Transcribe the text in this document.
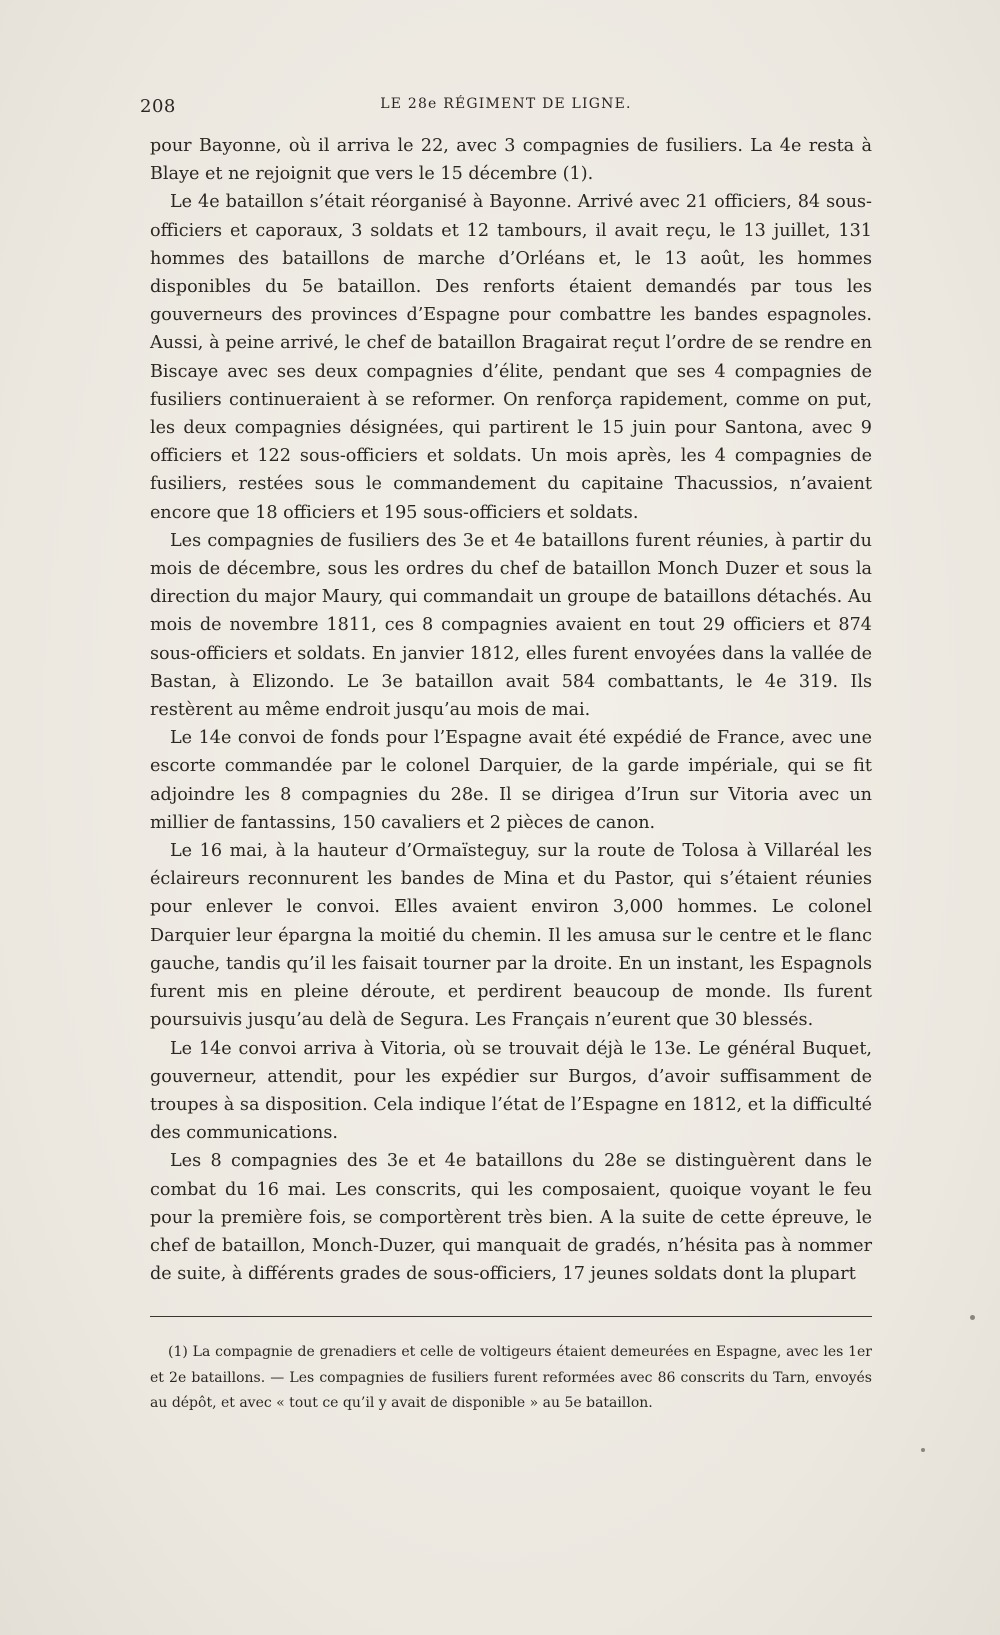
208	LE 28e RÉGIMENT DE LIGNE.

pour Bayonne, où il arriva le 22, avec 3 compagnies de fusiliers. La 4e resta à Blaye et ne rejoignit que vers le 15 décembre (1).

Le 4e bataillon s’était réorganisé à Bayonne. Arrivé avec 21 officiers, 84 sous-officiers et caporaux, 3 soldats et 12 tambours, il avait reçu, le 13 juillet, 131 hommes des bataillons de marche d’Orléans et, le 13 août, les hommes disponibles du 5e bataillon. Des renforts étaient demandés par tous les gouverneurs des provinces d’Espagne pour combattre les bandes espagnoles. Aussi, à peine arrivé, le chef de bataillon Bragairat reçut l’ordre de se rendre en Biscaye avec ses deux compagnies d’élite, pendant que ses 4 compagnies de fusiliers continueraient à se reformer. On renforça rapidement, comme on put, les deux compagnies désignées, qui partirent le 15 juin pour Santona, avec 9 officiers et 122 sous-officiers et soldats. Un mois après, les 4 compagnies de fusiliers, restées sous le commandement du capitaine Thacussios, n’avaient encore que 18 officiers et 195 sous-officiers et soldats.

Les compagnies de fusiliers des 3e et 4e bataillons furent réunies, à partir du mois de décembre, sous les ordres du chef de bataillon Monch Duzer et sous la direction du major Maury, qui commandait un groupe de bataillons détachés. Au mois de novembre 1811, ces 8 compagnies avaient en tout 29 officiers et 874 sous-officiers et soldats. En janvier 1812, elles furent envoyées dans la vallée de Bastan, à Elizondo. Le 3e bataillon avait 584 combattants, le 4e 319. Ils restèrent au même endroit jusqu’au mois de mai.

Le 14e convoi de fonds pour l’Espagne avait été expédié de France, avec une escorte commandée par le colonel Darquier, de la garde impériale, qui se fit adjoindre les 8 compagnies du 28e. Il se dirigea d’Irun sur Vitoria avec un millier de fantassins, 150 cavaliers et 2 pièces de canon.

Le 16 mai, à la hauteur d’Ormaïsteguy, sur la route de Tolosa à Villaréal les éclaireurs reconnurent les bandes de Mina et du Pastor, qui s’étaient réunies pour enlever le convoi. Elles avaient environ 3,000 hommes. Le colonel Darquier leur épargna la moitié du chemin. Il les amusa sur le centre et le flanc gauche, tandis qu’il les faisait tourner par la droite. En un instant, les Espagnols furent mis en pleine déroute, et perdirent beaucoup de monde. Ils furent poursuivis jusqu’au delà de Segura. Les Français n’eurent que 30 blessés.

Le 14e convoi arriva à Vitoria, où se trouvait déjà le 13e. Le général Buquet, gouverneur, attendit, pour les expédier sur Burgos, d’avoir suffisamment de troupes à sa disposition. Cela indique l’état de l’Espagne en 1812, et la difficulté des communications.

Les 8 compagnies des 3e et 4e bataillons du 28e se distinguèrent dans le combat du 16 mai. Les conscrits, qui les composaient, quoique voyant le feu pour la première fois, se comportèrent très bien. A la suite de cette épreuve, le chef de bataillon, Monch-Duzer, qui manquait de gradés, n’hésita pas à nommer de suite, à différents grades de sous-officiers, 17 jeunes soldats dont la plupart

(1) La compagnie de grenadiers et celle de voltigeurs étaient demeurées en Espagne, avec les 1er et 2e bataillons. — Les compagnies de fusiliers furent reformées avec 86 conscrits du Tarn, envoyés au dépôt, et avec « tout ce qu’il y avait de disponible » au 5e bataillon.
